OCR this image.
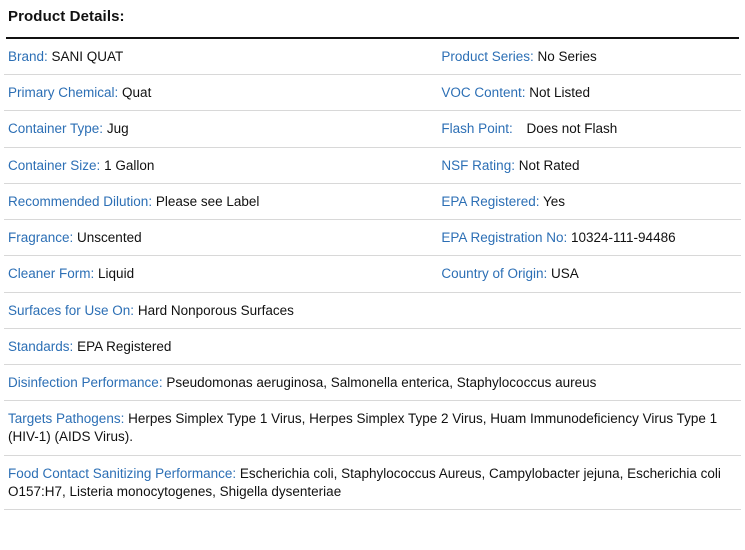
Product Details:
Brand: SANI QUAT	Product Series: No Series
Primary Chemical: Quat	VOC Content: Not Listed
Container Type: Jug	Flash Point: Does not Flash
Container Size: 1 Gallon	NSF Rating: Not Rated
Recommended Dilution: Please see Label	EPA Registered: Yes
Fragrance: Unscented	EPA Registration No: 10324-111-94486
Cleaner Form: Liquid	Country of Origin: USA
Surfaces for Use On: Hard Nonporous Surfaces	
Standards: EPA Registered	
Disinfection Performance: Pseudomonas aeruginosa, Salmonella enterica, Staphylococcus aureus	
Targets Pathogens: Herpes Simplex Type 1 Virus, Herpes Simplex Type 2 Virus, Huam Immunodeficiency Virus Type 1 (HIV-1) (AIDS Virus).	
Food Contact Sanitizing Performance: Escherichia coli, Staphylococcus Aureus, Campylobacter jejuna, Escherichia coli O157:H7, Listeria monocytogenes, Shigella dysenteriae	
